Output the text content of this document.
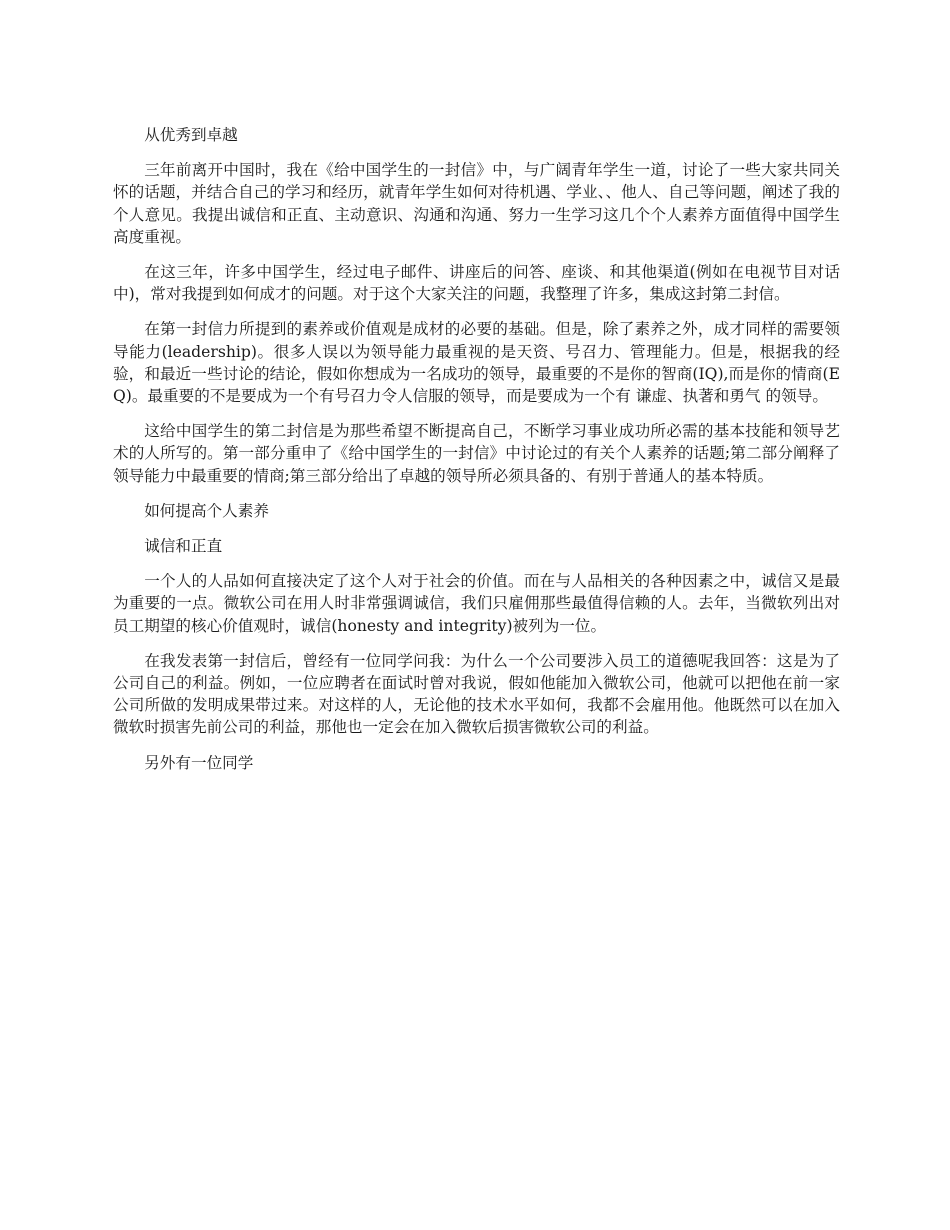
从优秀到卓越

三年前离开中国时，我在《给中国学生的一封信》中，与广阔青年学生一道，讨论了一些大家共同关怀的话题，并结合自己的学习和经历，就青年学生如何对待机遇、学业、、他人、自己等问题，阐述了我的个人意见。我提出诚信和正直、主动意识、沟通和沟通、努力一生学习这几个个人素养方面值得中国学生高度重视。

在这三年，许多中国学生，经过电子邮件、讲座后的问答、座谈、和其他渠道(例如在电视节目对话中)，常对我提到如何成才的问题。对于这个大家关注的问题，我整理了许多，集成这封第二封信。

在第一封信力所提到的素养或价值观是成材的必要的基础。但是，除了素养之外，成才同样的需要领导能力(leadership)。很多人误以为领导能力最重视的是天资、号召力、管理能力。但是，根据我的经验，和最近一些讨论的结论，假如你想成为一名成功的领导，最重要的不是你的智商(IQ),而是你的情商(EQ)。最重要的不是要成为一个有号召力令人信服的领导，而是要成为一个有 谦虚、执著和勇气 的领导。

这给中国学生的第二封信是为那些希望不断提高自己，不断学习事业成功所必需的基本技能和领导艺术的人所写的。第一部分重申了《给中国学生的一封信》中讨论过的有关个人素养的话题;第二部分阐释了领导能力中最重要的情商;第三部分给出了卓越的领导所必须具备的、有别于普通人的基本特质。

如何提高个人素养

诚信和正直

一个人的人品如何直接决定了这个人对于社会的价值。而在与人品相关的各种因素之中，诚信又是最为重要的一点。微软公司在用人时非常强调诚信，我们只雇佣那些最值得信赖的人。去年，当微软列出对员工期望的核心价值观时，诚信(honesty and integrity)被列为一位。

在我发表第一封信后，曾经有一位同学问我：为什么一个公司要涉入员工的道德呢我回答：这是为了公司自己的利益。例如，一位应聘者在面试时曾对我说，假如他能加入微软公司，他就可以把他在前一家公司所做的发明成果带过来。对这样的人，无论他的技术水平如何，我都不会雇用他。他既然可以在加入微软时损害先前公司的利益，那他也一定会在加入微软后损害微软公司的利益。

另外有一位同学
